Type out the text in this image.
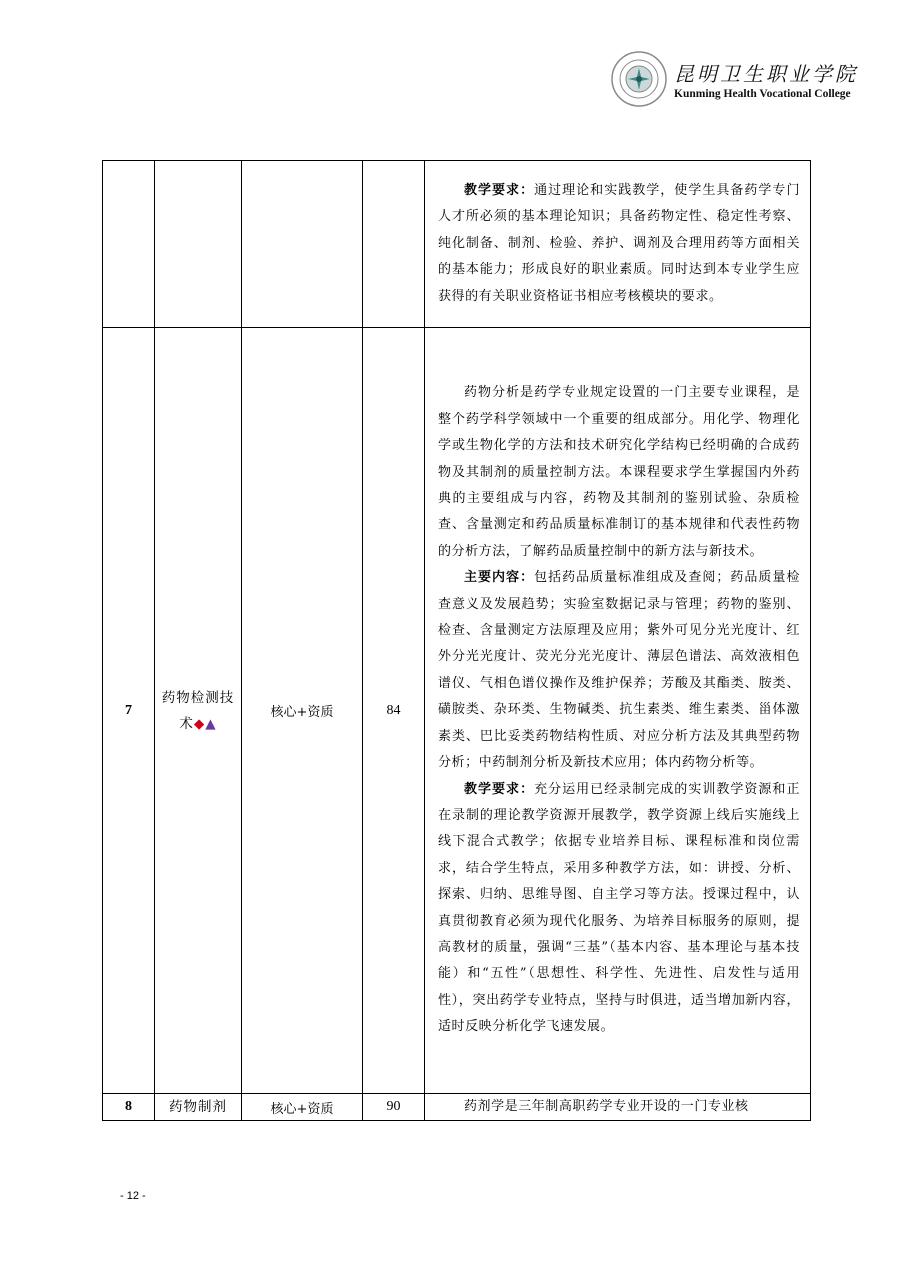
昆明卫生职业学院
Kunming Health Vocational College

				教学要求：通过理论和实践教学，使学生具备药学专门人才所必须的基本理论知识；具备药物定性、稳定性考察、纯化制备、制剂、检验、养护、调剂及合理用药等方面相关的基本能力；形成良好的职业素质。同时达到本专业学生应获得的有关职业资格证书相应考核模块的要求。

7	药物检测技术◆▲	核心+资质	84	药物分析是药学专业规定设置的一门主要专业课程，是整个药学科学领域中一个重要的组成部分。用化学、物理化学或生物化学的方法和技术研究化学结构已经明确的合成药物及其制剂的质量控制方法。本课程要求学生掌握国内外药典的主要组成与内容，药物及其制剂的鉴别试验、杂质检查、含量测定和药品质量标准制订的基本规律和代表性药物的分析方法，了解药品质量控制中的新方法与新技术。

主要内容：包括药品质量标准组成及查阅；药品质量检查意义及发展趋势；实验室数据记录与管理；药物的鉴别、检查、含量测定方法原理及应用；紫外可见分光光度计、红外分光光度计、荧光分光光度计、薄层色谱法、高效液相色谱仪、气相色谱仪操作及维护保养；芳酸及其酯类、胺类、磺胺类、杂环类、生物碱类、抗生素类、维生素类、甾体激素类、巴比妥类药物结构性质、对应分析方法及其典型药物分析；中药制剂分析及新技术应用；体内药物分析等。

教学要求：充分运用已经录制完成的实训教学资源和正在录制的理论教学资源开展教学，教学资源上线后实施线上线下混合式教学；依据专业培养目标、课程标准和岗位需求，结合学生特点，采用多种教学方法，如：讲授、分析、探索、归纳、思维导图、自主学习等方法。授课过程中，认真贯彻教育必须为现代化服务、为培养目标服务的原则，提高教材的质量，强调“三基”（基本内容、基本理论与基本技能）和“五性”（思想性、科学性、先进性、启发性与适用性），突出药学专业特点，坚持与时俱进，适当增加新内容，适时反映分析化学飞速发展。

8	药物制剂	核心+资质	90	药剂学是三年制高职药学专业开设的一门专业核

- 12 -
